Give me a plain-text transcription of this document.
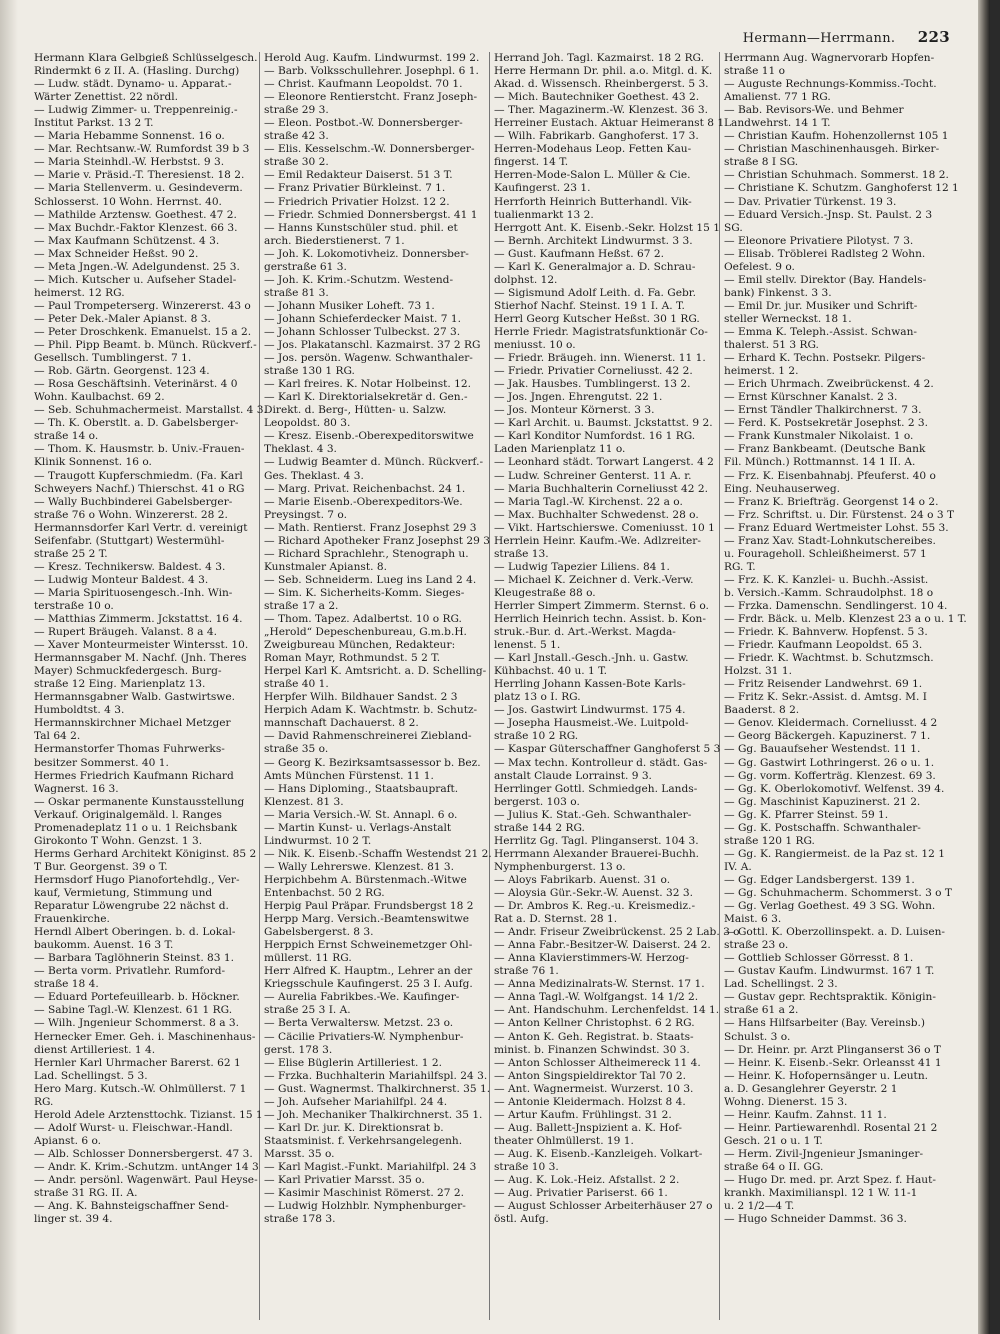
Hermann—Herrmann. 223
Hermann Klara Gelbgieß Schlüsselgesch.
Rindermkt 6 z II. A. (Hasling. Durchg)
— Ludw. städt. Dynamo- u. Apparat.-
Wärter Zenettist. 22 nördl.
— Ludwig Zimmer- u. Treppenreinig.-
Institut Parkst. 13 2 T.
— Maria Hebamme Sonnenst. 16 o.
— Mar. Rechtsanw.-W. Rumfordst 39 b 3
— Maria Steinhdl.-W. Herbstst. 9 3.
— Marie v. Präsid.-T. Theresienst. 18 2.
— Maria Stellenverm. u. Gesindeverm.
Schlosserst. 10 Wohn. Herrnst. 40.
— Mathilde Arztensw. Goethest. 47 2.
— Max Buchdr.-Faktor Klenzest. 66 3.
— Max Kaufmann Schützenst. 4 3.
— Max Schneider Heßst. 90 2.
— Meta Jngen.-W. Adelgundenst. 25 3.
— Mich. Kutscher u. Aufseher Stadel-
heimerst. 12 RG.
— Paul Trompeterserg. Winzererst. 43 o
— Peter Dek.-Maler Apianst. 8 3.
— Peter Droschkenk. Emanuelst. 15 a 2.
— Phil. Pipp Beamt. b. Münch. Rückverf.-
Gesellsch. Tumblingerst. 7 1.
— Rob. Gärtn. Georgenst. 123 4.
— Rosa Geschäftsinh. Veterinärst. 4 0
Wohn. Kaulbachst. 69 2.
— Seb. Schuhmachermeist. Marstallst. 4 3.
— Th. K. Oberstlt. a. D. Gabelsberger-
straße 14 o.
— Thom. K. Hausmstr. b. Univ.-Frauen-
Klinik Sonnenst. 16 o.
— Traugott Kupferschmiedm. (Fa. Karl
Schweyers Nachf.) Thierschst. 41 o RG
— Wally Buchbinderei Gabelsberger-
straße 76 o Wohn. Winzererst. 28 2.
Hermannsdorfer Karl Vertr. d. vereinigt
Seifenfabr. (Stuttgart) Westermühl-
straße 25 2 T.
— Kresz. Technikersw. Baldest. 4 3.
— Ludwig Monteur Baldest. 4 3.
— Maria Spirituosengesch.-Inh. Win-
terstraße 10 o.
— Matthias Zimmerm. Jckstattst. 16 4.
— Rupert Bräugeh. Valanst. 8 a 4.
— Xaver Monteurmeister Wintersst. 10.
Hermannsgaber M. Nachf. (Jnh. Theres
Mayer) Schmuckfedergesch. Burg-
straße 12 Eing. Marienplatz 13.
Hermannsgabner Walb. Gastwirtswe.
Humboldtst. 4 3.
Hermannskirchner Michael Metzger
Tal 64 2.
Hermanstorfer Thomas Fuhrwerks-
besitzer Sommerst. 40 1.
Hermes Friedrich Kaufmann Richard
Wagnerst. 16 3.
— Oskar permanente Kunstausstellung
Verkauf. Originalgemäld. l. Ranges
Promenadeplatz 11 o u. 1 Reichsbank
Girokonto T Wohn. Genzst. 1 3.
Herms Gerhard Architekt Königinst. 85 2
T Bur. Georgenst. 39 o T.
Hermsdorf Hugo Pianofortehdlg., Ver-
kauf, Vermietung, Stimmung und
Reparatur Löwengrube 22 nächst d.
Frauenkirche.
Herndl Albert Oberingen. b. d. Lokal-
baukomm. Auenst. 16 3 T.
— Barbara Taglöhnerin Steinst. 83 1.
— Berta vorm. Privatlehr. Rumford-
straße 18 4.
— Eduard Portefeuillearb. b. Höckner.
— Sabine Tagl.-W. Klenzest. 61 1 RG.
— Wilh. Jngenieur Schommerst. 8 a 3.
Hernecker Emer. Geh. i. Maschinenhaus-
dienst Artilleriest. 1 4.
Hernler Karl Uhrmacher Barerst. 62 1
Lad. Schellingst. 5 3.
Hero Marg. Kutsch.-W. Ohlmüllerst. 7 1
RG.
Herold Adele Arztensttochk. Tizianst. 15 1
— Adolf Wurst- u. Fleischwar.-Handl.
Apianst. 6 o.
— Alb. Schlosser Donnersbergerst. 47 3.
— Andr. K. Krim.-Schutzm. untAnger 14 3
— Andr. persönl. Wagenwärt. Paul Heyse-
straße 31 RG. II. A.
— Ang. K. Bahnsteigschaffner Send-
linger st. 39 4.
Herold Aug. Kaufm. Lindwurmst. 199 2.
— Barb. Volksschullehrer. Josephpl. 6 1.
— Christ. Kaufmann Leopoldst. 70 1.
— Eleonore Rentierstcht. Franz Joseph-
straße 29 3.
— Eleon. Postbot.-W. Donnersberger-
straße 42 3.
— Elis. Kesselschm.-W. Donnersberger-
straße 30 2.
— Emil Redakteur Daiserst. 51 3 T.
— Franz Privatier Bürkleinst. 7 1.
— Friedrich Privatier Holzst. 12 2.
— Friedr. Schmied Donnersbergst. 41 1
— Hanns Kunstschüler stud. phil. et
arch. Biederstienerst. 7 1.
— Joh. K. Lokomotivheiz. Donnersber-
gerstraße 61 3.
— Joh. K. Krim.-Schutzm. Westend-
straße 81 3.
— Johann Musiker Loheft. 73 1.
— Johann Schieferdecker Maist. 7 1.
— Johann Schlosser Tulbeckst. 27 3.
— Jos. Plakatanschl. Kazmairst. 37 2 RG
— Jos. persön. Wagenw. Schwanthaler-
straße 130 1 RG.
— Karl freires. K. Notar Holbeinst. 12.
— Karl K. Direktorialsekretär d. Gen.-
Direkt. d. Berg-, Hütten- u. Salzw.
Leopoldst. 80 3.
— Kresz. Eisenb.-Oberexpeditorswitwe
Theklast. 4 3.
— Ludwig Beamter d. Münch. Rückverf.-
Ges. Theklast. 4 3.
— Marg. Privat. Reichenbachst. 24 1.
— Marie Eisenb.-Oberexpeditors-We.
Preysingst. 7 o.
— Math. Rentierst. Franz Josephst 29 3
— Richard Apotheker Franz Josephst 29 3
— Richard Sprachlehr., Stenograph u.
Kunstmaler Apianst. 8.
— Seb. Schneiderm. Lueg ins Land 2 4.
— Sim. K. Sicherheits-Komm. Sieges-
straße 17 a 2.
— Thom. Tapez. Adalbertst. 10 o RG.
„Herold“ Depeschenbureau, G.m.b.H.
Zweigbureau München, Redakteur:
Roman Mayr, Rothmundst. 5 2 T.
Herpel Karl K. Amtsricht. a. D. Schelling-
straße 40 1.
Herpfer Wilh. Bildhauer Sandst. 2 3
Herpich Adam K. Wachtmstr. b. Schutz-
mannschaft Dachauerst. 8 2.
— David Rahmenschreinerei Ziebland-
straße 35 o.
— Georg K. Bezirksamtsassessor b. Bez.
Amts München Fürstenst. 11 1.
— Hans Diploming., Staatsbaupraft.
Klenzest. 81 3.
— Maria Versich.-W. St. Annapl. 6 o.
— Martin Kunst- u. Verlags-Anstalt
Lindwurmst. 10 2 T.
— Nik. K. Eisenb.-Schaffn Westendst 21 2.
— Wally Lehrerswe. Klenzest. 81 3.
Herpichbehm A. Bürstenmach.-Witwe
Entenbachst. 50 2 RG.
Herpig Paul Präpar. Frundsbergst 18 2
Herpp Marg. Versich.-Beamtenswitwe
Gabelsbergerst. 8 3.
Herppich Ernst Schweinemetzger Ohl-
müllerst. 11 RG.
Herr Alfred K. Hauptm., Lehrer an der
Kriegsschule Kaufingerst. 25 3 I. Aufg.
— Aurelia Fabrikbes.-We. Kaufinger-
straße 25 3 I. A.
— Berta Verwaltersw. Metzst. 23 o.
— Cäcilie Privatiers-W. Nymphenbur-
gerst. 178 3.
— Elise Büglerin Artilleriest. 1 2.
— Frzka. Buchhalterin Mariahilfspl. 24 3.
— Gust. Wagnermst. Thalkirchnerst. 35 1.
— Joh. Aufseher Mariahilfpl. 24 4.
— Joh. Mechaniker Thalkirchnerst. 35 1.
— Karl Dr. jur. K. Direktionsrat b.
Staatsminist. f. Verkehrsangelegenh.
Marsst. 35 o.
— Karl Magist.-Funkt. Mariahilfpl. 24 3
— Karl Privatier Marsst. 35 o.
— Kasimir Maschinist Römerst. 27 2.
— Ludwig Holzhblr. Nymphenburger-
straße 178 3.
Herrand Joh. Tagl. Kazmairst. 18 2 RG.
Herre Hermann Dr. phil. a.o. Mitgl. d. K.
Akad. d. Wissensch. Rheinbergerst. 5 3.
— Mich. Bautechniker Goethest. 43 2.
— Ther. Magazinerm.-W. Klenzest. 36 3.
Herreiner Eustach. Aktuar Heimeranst 8 1
— Wilh. Fabrikarb. Ganghoferst. 17 3.
Herren-Modehaus Leop. Fetten Kau-
fingerst. 14 T.
Herren-Mode-Salon L. Müller & Cie.
Kaufingerst. 23 1.
Herrforth Heinrich Butterhandl. Vik-
tualienmarkt 13 2.
Herrgott Ant. K. Eisenb.-Sekr. Holzst 15 1
— Bernh. Architekt Lindwurmst. 3 3.
— Gust. Kaufmann Heßst. 67 2.
— Karl K. Generalmajor a. D. Schrau-
dolphst. 12.
— Sigismund Adolf Leith. d. Fa. Gebr.
Stierhof Nachf. Steinst. 19 1 I. A. T.
Herrl Georg Kutscher Heßst. 30 1 RG.
Herrle Friedr. Magistratsfunktionär Co-
meniusst. 10 o.
— Friedr. Bräugeh. inn. Wienerst. 11 1.
— Friedr. Privatier Corneliusst. 42 2.
— Jak. Hausbes. Tumblingerst. 13 2.
— Jos. Jngen. Ehrengutst. 22 1.
— Jos. Monteur Körnerst. 3 3.
— Karl Archit. u. Baumst. Jckstattst. 9 2.
— Karl Konditor Numfordst. 16 1 RG.
Laden Marienplatz 11 o.
— Leonhard städt. Torwart Langerst. 4 2
— Ludw. Schreiner Genterst. 11 A. r.
— Maria Buchhalterin Corneliusst 42 2.
— Maria Tagl.-W. Kirchenst. 22 a o.
— Max. Buchhalter Schwedenst. 28 o.
— Vikt. Hartschierswe. Comeniusst. 10 1
Herrlein Heinr. Kaufm.-We. Adlzreiter-
straße 13.
— Ludwig Tapezier Liliens. 84 1.
— Michael K. Zeichner d. Verk.-Verw.
Kleugestraße 88 o.
Herrler Simpert Zimmerm. Sternst. 6 o.
Herrlich Heinrich techn. Assist. b. Kon-
struk.-Bur. d. Art.-Werkst. Magda-
lenenst. 5 1.
— Karl Jnstall.-Gesch.-Jnh. u. Gastw.
Kühbachst. 40 u. 1 T.
Herrling Johann Kassen-Bote Karls-
platz 13 o I. RG.
— Jos. Gastwirt Lindwurmst. 175 4.
— Josepha Hausmeist.-We. Luitpold-
straße 10 2 RG.
— Kaspar Güterschaffner Ganghoferst 5 3
— Max techn. Kontrolleur d. städt. Gas-
anstalt Claude Lorrainst. 9 3.
Herrlinger Gottl. Schmiedgeh. Lands-
bergerst. 103 o.
— Julius K. Stat.-Geh. Schwanthaler-
straße 144 2 RG.
Herrlitz Gg. Tagl. Plinganserst. 104 3.
Herrmann Alexander Brauerei-Buchh.
Nymphenburgerst. 13 o.
— Aloys Fabrikarb. Auenst. 31 o.
— Aloysia Gür.-Sekr.-W. Auenst. 32 3.
— Dr. Ambros K. Reg.-u. Kreismediz.-
Rat a. D. Sternst. 28 1.
— Andr. Friseur Zweibrückenst. 25 2 Lab. 3 o
— Anna Fabr.-Besitzer-W. Daiserst. 24 2.
— Anna Klavierstimmers-W. Herzog-
straße 76 1.
— Anna Medizinalrats-W. Sternst. 17 1.
— Anna Tagl.-W. Wolfgangst. 14 1/2 2.
— Ant. Handschuhm. Lerchenfeldst. 14 1.
— Anton Kellner Christophst. 6 2 RG.
— Anton K. Geh. Registrat. b. Staats-
minist. b. Finanzen Schwindst. 30 3.
— Anton Schlosser Altheimereck 11 4.
— Anton Singspieldirektor Tal 70 2.
— Ant. Wagnermeist. Wurzerst. 10 3.
— Antonie Kleidermach. Holzst 8 4.
— Artur Kaufm. Frühlingst. 31 2.
— Aug. Ballett-Jnspizient a. K. Hof-
theater Ohlmüllerst. 19 1.
— Aug. K. Eisenb.-Kanzleigeh. Volkart-
straße 10 3.
— Aug. K. Lok.-Heiz. Afstallst. 2 2.
— Aug. Privatier Pariserst. 66 1.
— August Schlosser Arbeiterhäuser 27 o
östl. Aufg.
Herrmann Aug. Wagnervorarb Hopfen-
straße 11 o
— Auguste Rechnungs-Kommiss.-Tocht.
Amalienst. 77 1 RG.
— Bab. Revisors-We. und Behmer
Landwehrst. 14 1 T.
— Christian Kaufm. Hohenzollernst 105 1
— Christian Maschinenhausgeh. Birker-
straße 8 I SG.
— Christian Schuhmach. Sommerst. 18 2.
— Christiane K. Schutzm. Ganghoferst 12 1
— Dav. Privatier Türkenst. 19 3.
— Eduard Versich.-Jnsp. St. Paulst. 2 3
SG.
— Eleonore Privatiere Pilotyst. 7 3.
— Elisab. Tröblerei Radlsteg 2 Wohn.
Oefelest. 9 o.
— Emil stellv. Direktor (Bay. Handels-
bank) Finkenst. 3 3.
— Emil Dr. jur. Musiker und Schrift-
steller Werneckst. 18 1.
— Emma K. Teleph.-Assist. Schwan-
thalerst. 51 3 RG.
— Erhard K. Techn. Postsekr. Pilgers-
heimerst. 1 2.
— Erich Uhrmach. Zweibrückenst. 4 2.
— Ernst Kürschner Kanalst. 2 3.
— Ernst Tändler Thalkirchnerst. 7 3.
— Ferd. K. Postsekretär Josephst. 2 3.
— Frank Kunstmaler Nikolaist. 1 o.
— Franz Bankbeamt. (Deutsche Bank
Fil. Münch.) Rottmannst. 14 1 II. A.
— Frz. K. Eisenbahnabj. Pfeuferst. 40 o
Eing. Neuhauserweg.
— Franz K. Briefträg. Georgenst 14 o 2.
— Frz. Schriftst. u. Dir. Fürstenst. 24 o 3 T
— Franz Eduard Wertmeister Lohst. 55 3.
— Franz Xav. Stadt-Lohnkutschereibes.
u. Fourageholl. Schleißheimerst. 57 1
RG. T.
— Frz. K. K. Kanzlei- u. Buchh.-Assist.
b. Versich.-Kamm. Schraudolphst. 18 o
— Frzka. Damenschn. Sendlingerst. 10 4.
— Frdr. Bäck. u. Melb. Klenzest 23 a o u. 1 T.
— Friedr. K. Bahnverw. Hopfenst. 5 3.
— Friedr. Kaufmann Leopoldst. 65 3.
— Friedr. K. Wachtmst. b. Schutzmsch.
Holzst. 31 1.
— Fritz Reisender Landwehrst. 69 1.
— Fritz K. Sekr.-Assist. d. Amtsg. M. I
Baaderst. 8 2.
— Genov. Kleidermach. Corneliusst. 4 2
— Georg Bäckergeh. Kapuzinerst. 7 1.
— Gg. Bauaufseher Westendst. 11 1.
— Gg. Gastwirt Lothringerst. 26 o u. 1.
— Gg. vorm. Kofferträg. Klenzest. 69 3.
— Gg. K. Oberlokomotivf. Welfenst. 39 4.
— Gg. Maschinist Kapuzinerst. 21 2.
— Gg. K. Pfarrer Steinst. 59 1.
— Gg. K. Postschaffn. Schwanthaler-
straße 120 1 RG.
— Gg. K. Rangiermeist. de la Paz st. 12 1
IV. A.
— Gg. Edger Landsbergerst. 139 1.
— Gg. Schuhmacherm. Schommerst. 3 o T
— Gg. Verlag Goethest. 49 3 SG. Wohn.
Maist. 6 3.
— Gottl. K. Oberzollinspekt. a. D. Luisen-
straße 23 o.
— Gottlieb Schlosser Görresst. 8 1.
— Gustav Kaufm. Lindwurmst. 167 1 T.
Lad. Schellingst. 2 3.
— Gustav gepr. Rechtspraktik. Königin-
straße 61 a 2.
— Hans Hilfsarbeiter (Bay. Vereinsb.)
Schulst. 3 o.
— Dr. Heinr. pr. Arzt Plinganserst 36 o T
— Heinr. K. Eisenb.-Sekr. Orleansst 41 1
— Heinr. K. Hofopernsänger u. Leutn.
a. D. Gesanglehrer Geyerstr. 2 1
Wohng. Dienerst. 15 3.
— Heinr. Kaufm. Zahnst. 11 1.
— Heinr. Partiewarenhdl. Rosental 21 2
Gesch. 21 o u. 1 T.
— Herm. Zivil-Jngenieur Jsmaninger-
straße 64 o II. GG.
— Hugo Dr. med. pr. Arzt Spez. f. Haut-
krankh. Maximilianspl. 12 1 W. 11-1
u. 2 1/2—4 T.
— Hugo Schneider Dammst. 36 3.
